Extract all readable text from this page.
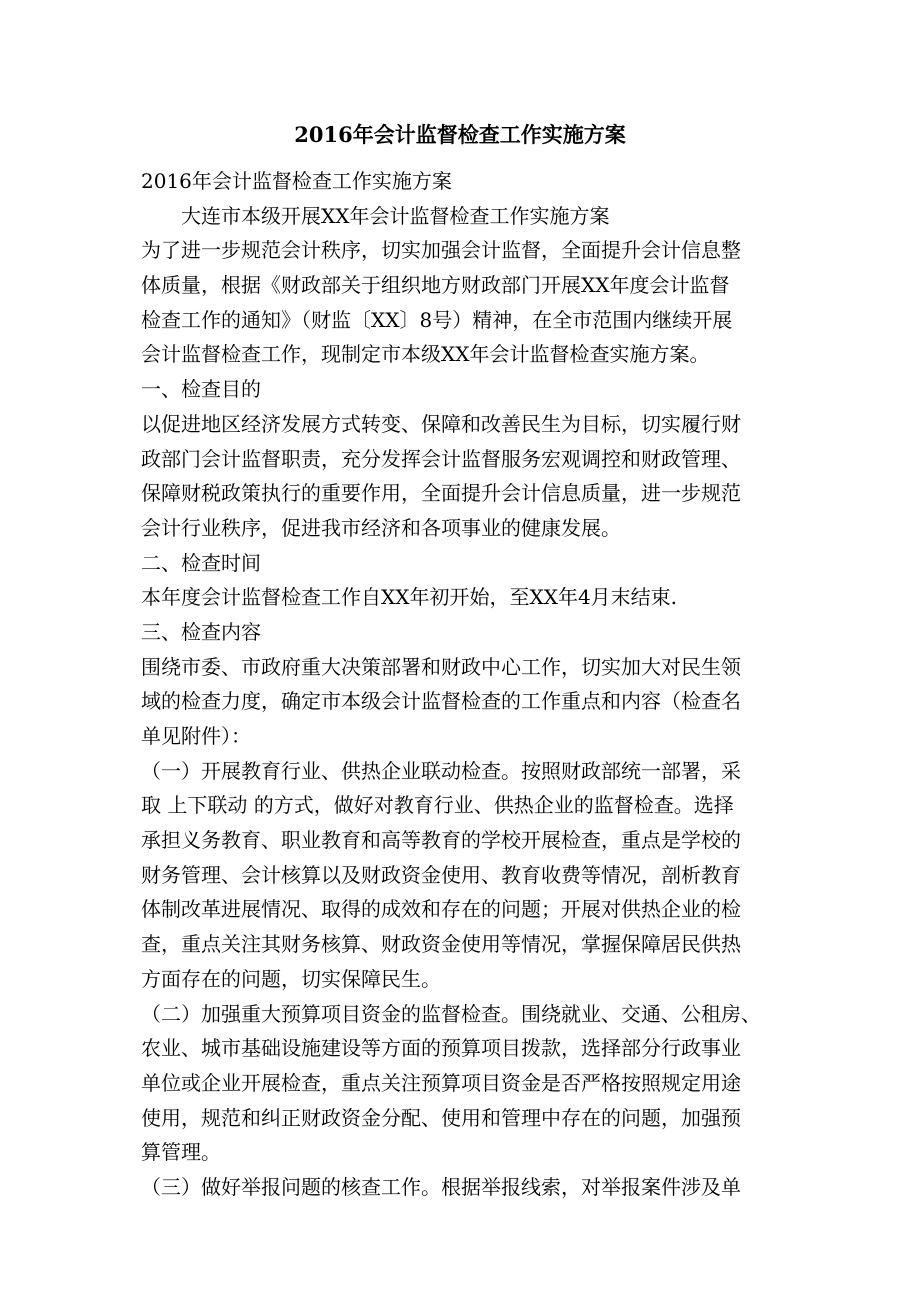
2016年会计监督检查工作实施方案
2016年会计监督检查工作实施方案
大连市本级开展XX年会计监督检查工作实施方案
为了进一步规范会计秩序，切实加强会计监督，全面提升会计信息整
体质量，根据《财政部关于组织地方财政部门开展XX年度会计监督
检查工作的通知》（财监〔XX〕8号）精神，在全市范围内继续开展
会计监督检查工作，现制定市本级XX年会计监督检查实施方案。
一、检查目的
以促进地区经济发展方式转变、保障和改善民生为目标，切实履行财
政部门会计监督职责，充分发挥会计监督服务宏观调控和财政管理、
保障财税政策执行的重要作用，全面提升会计信息质量，进一步规范
会计行业秩序，促进我市经济和各项事业的健康发展。
二、检查时间
本年度会计监督检查工作自XX年初开始，至XX年4月末结束.
三、检查内容
围绕市委、市政府重大决策部署和财政中心工作，切实加大对民生领
域的检查力度，确定市本级会计监督检查的工作重点和内容（检查名
单见附件）：
（一）开展教育行业、供热企业联动检查。按照财政部统一部署，采
取 上下联动 的方式，做好对教育行业、供热企业的监督检查。选择
承担义务教育、职业教育和高等教育的学校开展检查，重点是学校的
财务管理、会计核算以及财政资金使用、教育收费等情况，剖析教育
体制改革进展情况、取得的成效和存在的问题；开展对供热企业的检
查，重点关注其财务核算、财政资金使用等情况，掌握保障居民供热
方面存在的问题，切实保障民生。
（二）加强重大预算项目资金的监督检查。围绕就业、交通、公租房、
农业、城市基础设施建设等方面的预算项目拨款，选择部分行政事业
单位或企业开展检查，重点关注预算项目资金是否严格按照规定用途
使用，规范和纠正财政资金分配、使用和管理中存在的问题，加强预
算管理。
（三）做好举报问题的核查工作。根据举报线索，对举报案件涉及单
